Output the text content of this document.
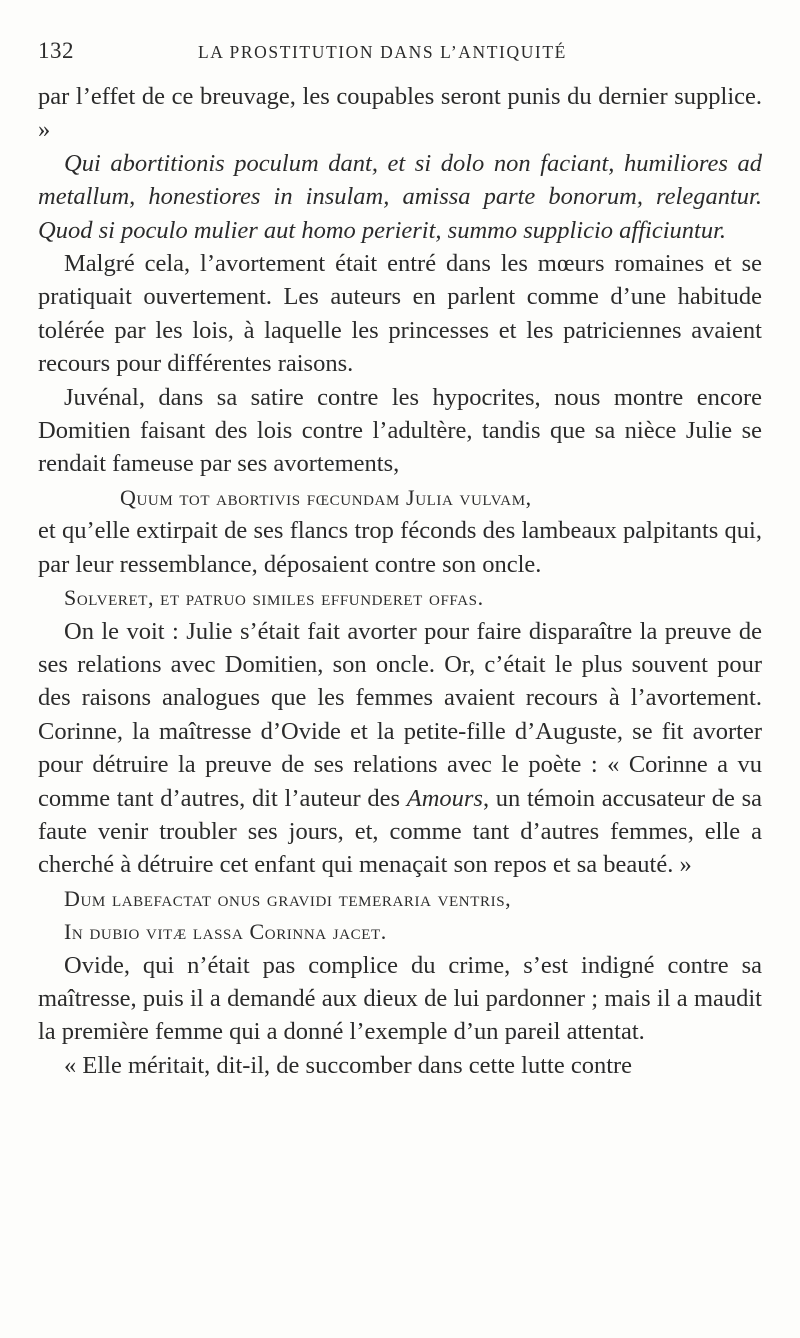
132	LA PROSTITUTION DANS L’ANTIQUITÉ

par l’effet de ce breuvage, les coupables seront punis du dernier supplice. »

Qui abortitionis poculum dant, et si dolo non faciant, humiliores ad metallum, honestiores in insulam, amissa parte bonorum, relegantur. Quod si poculo mulier aut homo perierit, summo supplicio afficiuntur.

Malgré cela, l’avortement était entré dans les mœurs romaines et se pratiquait ouvertement. Les auteurs en parlent comme d’une habitude tolérée par les lois, à laquelle les princesses et les patriciennes avaient recours pour différentes raisons.

Juvénal, dans sa satire contre les hypocrites, nous montre encore Domitien faisant des lois contre l’adultère, tandis que sa nièce Julie se rendait fameuse par ses avortements,

Quum tot abortivis fœcundam Julia vulvam,

et qu’elle extirpait de ses flancs trop féconds des lambeaux palpitants qui, par leur ressemblance, déposaient contre son oncle.

Solveret, et patruo similes effunderet offas.

On le voit : Julie s’était fait avorter pour faire disparaître la preuve de ses relations avec Domitien, son oncle. Or, c’était le plus souvent pour des raisons analogues que les femmes avaient recours à l’avortement. Corinne, la maîtresse d’Ovide et la petite-fille d’Auguste, se fit avorter pour détruire la preuve de ses relations avec le poète : « Corinne a vu comme tant d’autres, dit l’auteur des Amours, un témoin accusateur de sa faute venir troubler ses jours, et, comme tant d’autres femmes, elle a cherché à détruire cet enfant qui menaçait son repos et sa beauté. »

Dum labefactat onus gravidi temeraria ventris,

In dubio vitæ lassa Corinna jacet.

Ovide, qui n’était pas complice du crime, s’est indigné contre sa maîtresse, puis il a demandé aux dieux de lui pardonner ; mais il a maudit la première femme qui a donné l’exemple d’un pareil attentat.

« Elle méritait, dit-il, de succomber dans cette lutte contre
